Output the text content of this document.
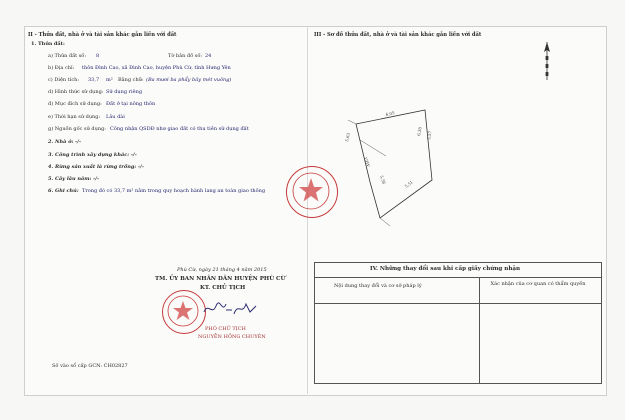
II - Thửa đất, nhà ở và tài sản khác gắn liền với đất
1. Thửa đất:
a) Thửa đất số: 8	Tờ bản đồ số: 24
b) Địa chỉ: thôn Đình Cao, xã Đình Cao, huyện Phù Cừ, tỉnh Hưng Yên
c) Diện tích: 33,7 m² Bằng chữ: (Ba mươi ba phẩy bảy mét vuông)
d) Hình thức sử dụng: Sử dụng riêng
đ) Mục đích sử dụng: Đất ở tại nông thôn
e) Thời hạn sử dụng: Lâu dài
g) Nguồn gốc sử dụng: Công nhận QSDĐ như giao đất có thu tiền sử dụng đất
2. Nhà ở: -/-
3. Công trình xây dựng khác: -/-
4. Rừng sản xuất là rừng trồng: -/-
5. Cây lâu năm: -/-
6. Ghi chú: Trong đó có 33,7 m² nằm trong quy hoạch hành lang an toàn giao thông
Phù Cừ, ngày 21 tháng 4 năm 2015
TM. ỦY BAN NHÂN DÂN HUYỆN PHÙ CỪ
KT. CHỦ TỊCH
PHÓ CHỦ TỊCH
NGUYỄN HỒNG CHUYÊN
Số vào sổ cấp GCN: CH02827
III - Sơ đồ thửa đất, nhà ở và tài sản khác gắn liền với đất
6,05
6,30 5,57
5,63
5,56	5,51
UHV
IV. Những thay đổi sau khi cấp giấy chứng nhận
Nội dung thay đổi và cơ sở pháp lý	Xác nhận của cơ quan có thẩm quyền
